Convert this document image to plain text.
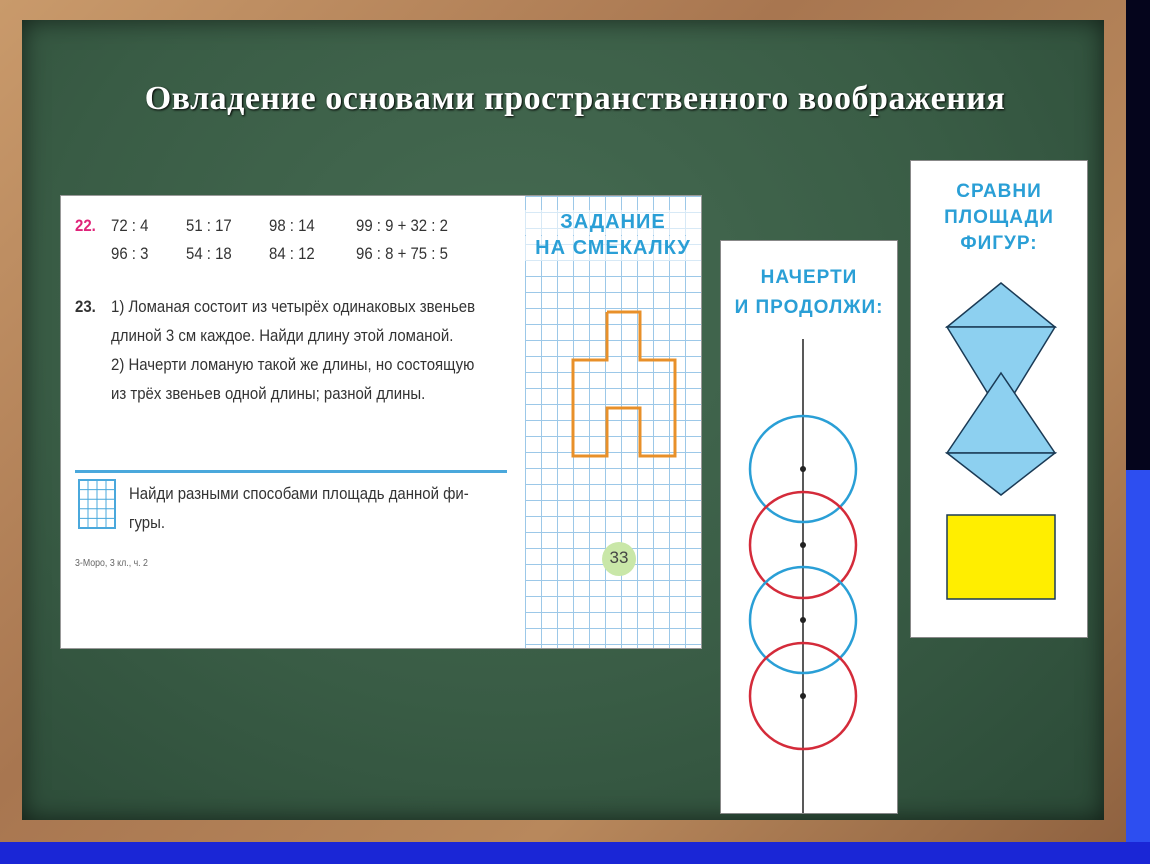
Овладение основами пространственного воображения
22. 72 : 4 51 : 17 98 : 14 99 : 9 + 32 : 2
96 : 3 54 : 18 84 : 12 96 : 8 + 75 : 5
23. 1) Ломаная состоит из четырёх одинаковых звеньев
длиной 3 см каждое. Найди длину этой ломаной.
2) Начерти ломаную такой же длины, но состоящую
из трёх звеньев одной длины; разной длины.
Найди разными способами площадь данной фи-
гуры.
3-Моро, 3 кл., ч. 2
ЗАДАНИЕ
НА СМЕКАЛКУ
33
НАЧЕРТИ
И ПРОДОЛЖИ:
СРАВНИ
ПЛОЩАДИ
ФИГУР:
